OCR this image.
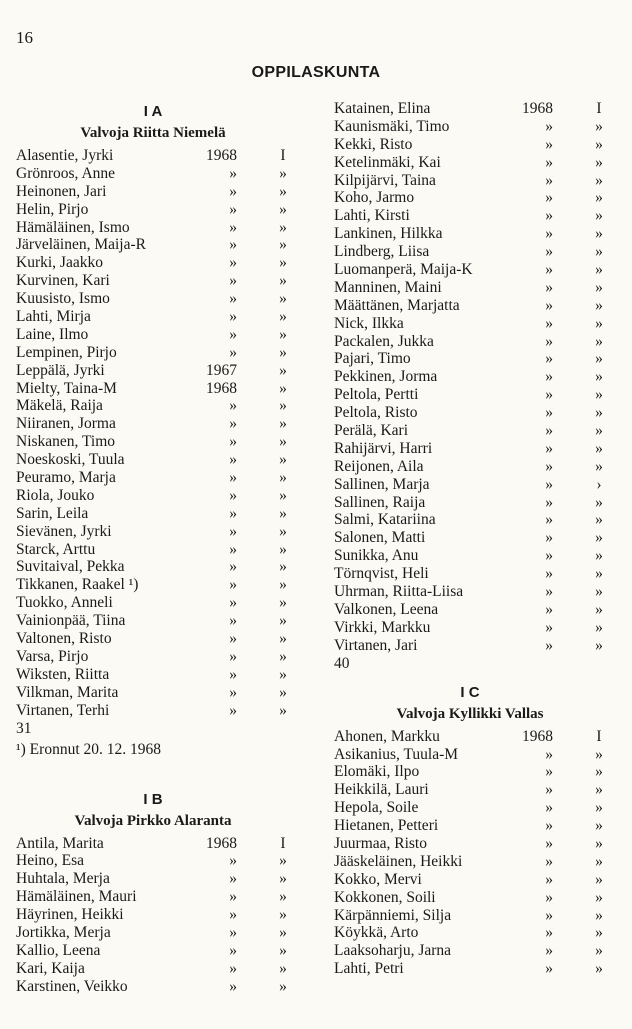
16
OPPILASKUNTA
I A
Valvoja Riitta Niemelä
Alasentie, Jyrki	1968	I
Grönroos, Anne	»	»
Heinonen, Jari	»	»
Helin, Pirjo	»	»
Hämäläinen, Ismo	»	»
Järveläinen, Maija-R	»	»
Kurki, Jaakko	»	»
Kurvinen, Kari	»	»
Kuusisto, Ismo	»	»
Lahti, Mirja	»	»
Laine, Ilmo	»	»
Lempinen, Pirjo	»	»
Leppälä, Jyrki	1967	»
Mielty, Taina-M	1968	»
Mäkelä, Raija	»	»
Niiranen, Jorma	»	»
Niskanen, Timo	»	»
Noeskoski, Tuula	»	»
Peuramo, Marja	»	»
Riola, Jouko	»	»
Sarin, Leila	»	»
Sievänen, Jyrki	»	»
Starck, Arttu	»	»
Suvitaival, Pekka	»	»
Tikkanen, Raakel ¹)	»	»
Tuokko, Anneli	»	»
Vainionpää, Tiina	»	»
Valtonen, Risto	»	»
Varsa, Pirjo	»	»
Wiksten, Riitta	»	»
Vilkman, Marita	»	»
Virtanen, Terhi	»	»
31
¹) Eronnut 20. 12. 1968
I B
Valvoja Pirkko Alaranta
Antila, Marita	1968	I
Heino, Esa	»	»
Huhtala, Merja	»	»
Hämäläinen, Mauri	»	»
Häyrinen, Heikki	»	»
Jortikka, Merja	»	»
Kallio, Leena	»	»
Kari, Kaija	»	»
Karstinen, Veikko	»	»
Katainen, Elina	1968	I
Kaunismäki, Timo	»	»
Kekki, Risto	»	»
Ketelinmäki, Kai	»	»
Kilpijärvi, Taina	»	»
Koho, Jarmo	»	»
Lahti, Kirsti	»	»
Lankinen, Hilkka	»	»
Lindberg, Liisa	»	»
Luomanperä, Maija-K	»	»
Manninen, Maini	»	»
Määttänen, Marjatta	»	»
Nick, Ilkka	»	»
Packalen, Jukka	»	»
Pajari, Timo	»	»
Pekkinen, Jorma	»	»
Peltola, Pertti	»	»
Peltola, Risto	»	»
Perälä, Kari	»	»
Rahijärvi, Harri	»	»
Reijonen, Aila	»	»
Sallinen, Marja	»	›
Sallinen, Raija	»	»
Salmi, Katariina	»	»
Salonen, Matti	»	»
Sunikka, Anu	»	»
Törnqvist, Heli	»	»
Uhrman, Riitta-Liisa	»	»
Valkonen, Leena	»	»
Virkki, Markku	»	»
Virtanen, Jari	»	»
40
I C
Valvoja Kyllikki Vallas
Ahonen, Markku	1968	I
Asikanius, Tuula-M	»	»
Elomäki, Ilpo	»	»
Heikkilä, Lauri	»	»
Hepola, Soile	»	»
Hietanen, Petteri	»	»
Juurmaa, Risto	»	»
Jääskeläinen, Heikki	»	»
Kokko, Mervi	»	»
Kokkonen, Soili	»	»
Kärpänniemi, Silja	»	»
Köykkä, Arto	»	»
Laaksoharju, Jarna	»	»
Lahti, Petri	»	»
